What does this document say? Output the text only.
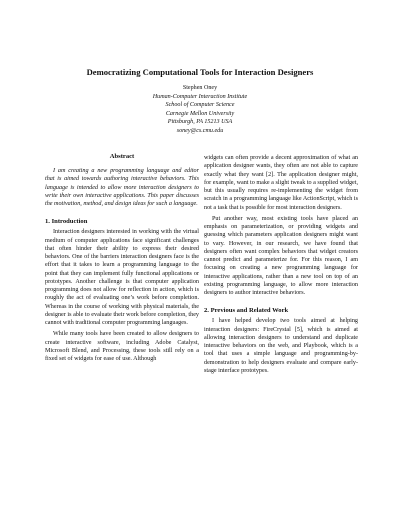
Democratizing Computational Tools for Interaction Designers
Stephen Oney
Human-Computer Interaction Institute
School of Computer Science
Carnegie Mellon University
Pittsburgh, PA 15213 USA
soney@cs.cmu.edu
Abstract

I am creating a new programming language and editor that is aimed towards authoring interactive behaviors. This language is intended to allow more interaction designers to write their own interactive applications. This paper discusses the motivation, method, and design ideas for such a language.

1. Introduction

Interaction designers interested in working with the virtual medium of computer applications face significant challenges that often hinder their ability to express their desired behaviors. One of the barriers interaction designers face is the effort that it takes to learn a programming language to the point that they can implement fully functional applications or prototypes. Another challenge is that computer application programming does not allow for reflection in action, which is roughly the act of evaluating one’s work before completion. Whereas in the course of working with physical materials, the designer is able to evaluate their work before completion, they cannot with traditional computer programming languages.

While many tools have been created to allow designers to create interactive software, including Adobe Catalyst, Microsoft Blend, and Processing, these tools still rely on a fixed set of widgets for ease of use. Although

widgets can often provide a decent approximation of what an application designer wants, they often are not able to capture exactly what they want [2]. The application designer might, for example, want to make a slight tweak to a supplied widget, but this usually requires re-implementing the widget from scratch in a programming language like ActionScript, which is not a task that is possible for most interaction designers.

Put another way, most existing tools have placed an emphasis on parameterization, or providing widgets and guessing which parameters application designers might want to vary. However, in our research, we have found that designers often want complex behaviors that widget creators cannot predict and parameterize for. For this reason, I am focusing on creating a new programming language for interactive applications, rather than a new tool on top of an existing programming language, to allow more interaction designers to author interactive behaviors.

2. Previous and Related Work

I have helped develop two tools aimed at helping interaction designers: FireCrystal [5], which is aimed at allowing interaction designers to understand and duplicate interactive behaviors on the web, and Playbook, which is a tool that uses a simple language and programming-by-demonstration to help designers evaluate and compare early-stage interface prototypes.
